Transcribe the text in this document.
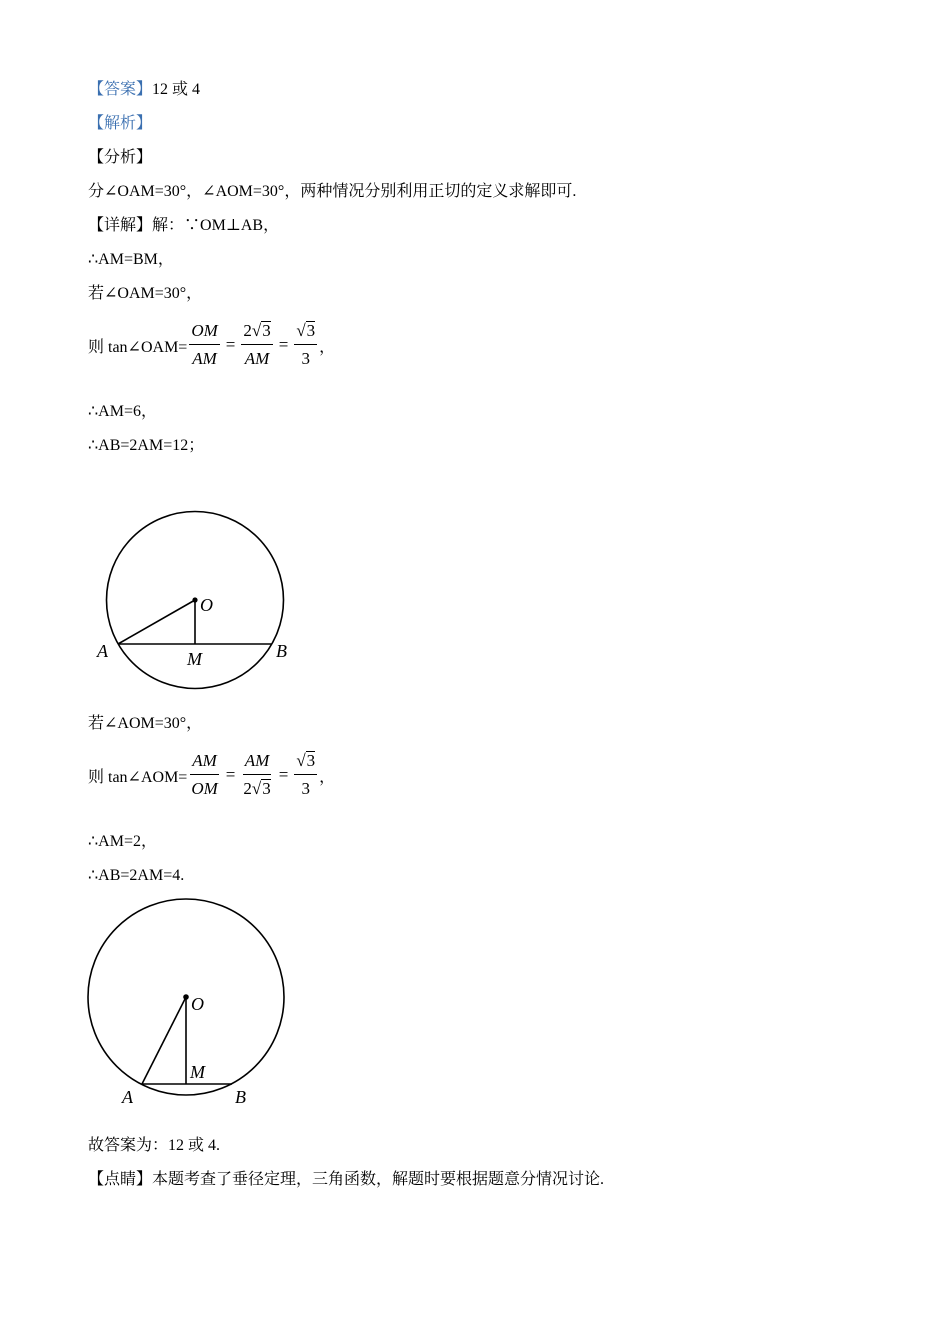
【答案】12 或 4
【解析】
【分析】
分∠OAM=30°，∠AOM=30°，两种情况分别利用正切的定义求解即可.
【详解】解：∵OM⊥AB，
∴AM=BM，
若∠OAM=30°，
则 tan∠OAM= $\frac{OM}{AM} = \frac{2√3}{AM} = \frac{√3}{3}$ ，
∴AM=6，
∴AB=2AM=12；
O
A	M	B
若∠AOM=30°，
则 tan∠AOM= $\frac{AM}{OM} = \frac{AM}{2√3} = \frac{√3}{3}$ ，
∴AM=2，
∴AB=2AM=4.
O
A
M
B
故答案为：12 或 4.
【点睛】本题考查了垂径定理，三角函数，解题时要根据题意分情况讨论.
